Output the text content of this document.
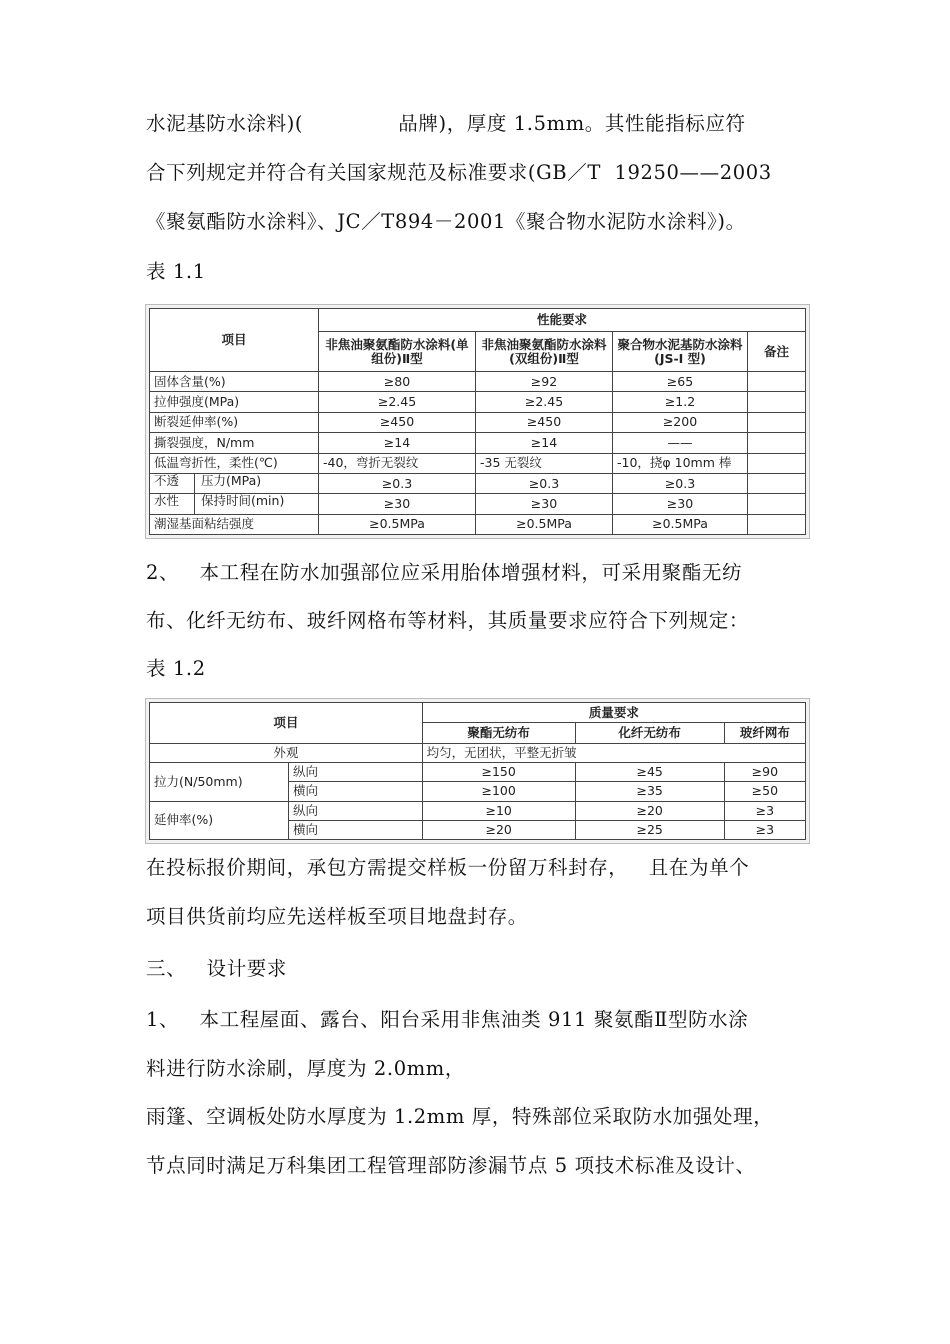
水泥基防水涂料)(              品牌)，厚度 1.5mm。其性能指标应符
合下列规定并符合有关国家规范及标准要求(GB／T  19250——2003
《聚氨酯防水涂料》、JC／T894－2001《聚合物水泥防水涂料》)。
表 1.1
项目	性能要求			
	非焦油聚氨酯防水涂料(单组份)Ⅱ型	非焦油聚氨酯防水涂料(双组份)Ⅱ型	聚合物水泥基防水涂料(JS-I 型)	备注
固体含量(%)	≥80	≥92	≥65	
拉伸强度(MPa)	≥2.45	≥2.45	≥1.2	
断裂延伸率(%)	≥450	≥450	≥200	
撕裂强度，N/mm	≥14	≥14	——	
低温弯折性，柔性(℃)	-40，弯折无裂纹	-35 无裂纹	-10，挠φ 10mm 棒	

不透 压力(MPa)	≥0.3	≥0.3	≥0.3	

水性 保持时间(min)	≥30	≥30	≥30	
潮湿基面粘结强度	≥0.5MPa	≥0.5MPa	≥0.5MPa	
2、   本工程在防水加强部位应采用胎体增强材料，可采用聚酯无纺
布、化纤无纺布、玻纤网格布等材料，其质量要求应符合下列规定：
表 1.2
项目		质量要求		
		聚酯无纺布	化纤无纺布	玻纤网布
外观		均匀，无团状，平整无折皱		
拉力(N/50mm)	纵向	≥150	≥45	≥90
	横向	≥100	≥35	≥50
延伸率(%)	纵向	≥10	≥20	≥3
	横向	≥20	≥25	≥3
在投标报价期间，承包方需提交样板一份留万科封存，   且在为单个
项目供货前均应先送样板至项目地盘封存。
三、   设计要求
1、   本工程屋面、露台、阳台采用非焦油类 911 聚氨酯Ⅱ型防水涂
料进行防水涂刷，厚度为 2.0mm，
雨篷、空调板处防水厚度为 1.2mm 厚，特殊部位采取防水加强处理，
节点同时满足万科集团工程管理部防渗漏节点 5 项技术标准及设计、
